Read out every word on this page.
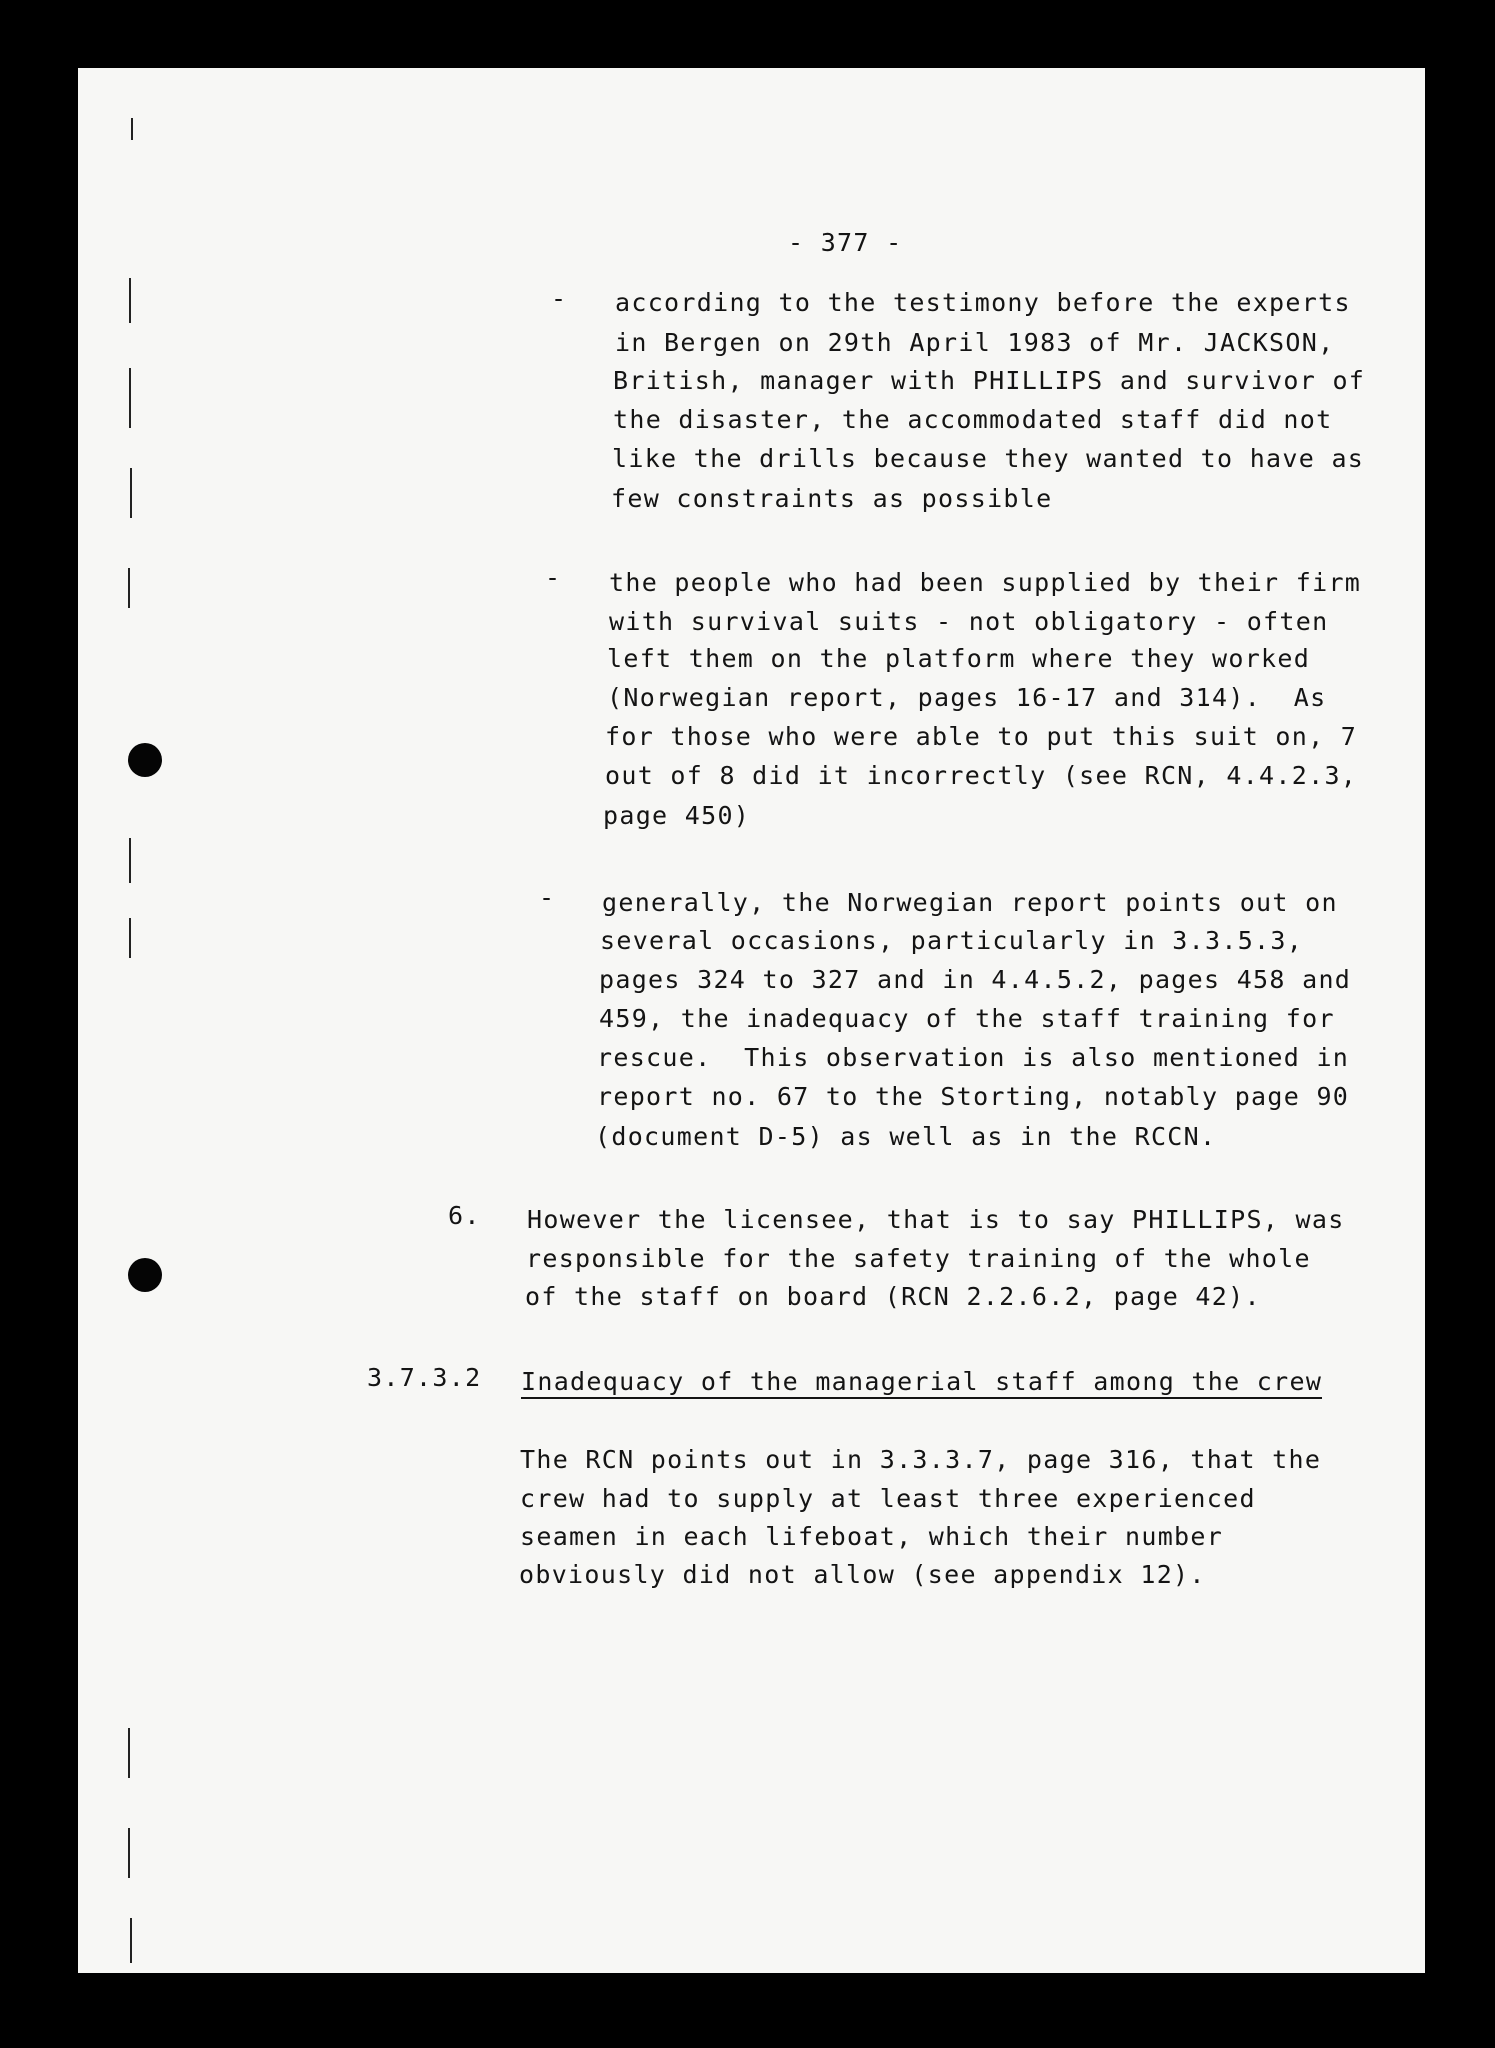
- 377 -
- according to the testimony before the experts
in Bergen on 29th April 1983 of Mr. JACKSON,
British, manager with PHILLIPS and survivor of
the disaster, the accommodated staff did not
like the drills because they wanted to have as
few constraints as possible
- the people who had been supplied by their firm
with survival suits - not obligatory - often
left them on the platform where they worked
(Norwegian report, pages 16-17 and 314).  As
for those who were able to put this suit on, 7
out of 8 did it incorrectly (see RCN, 4.4.2.3,
page 450)
- generally, the Norwegian report points out on
several occasions, particularly in 3.3.5.3,
pages 324 to 327 and in 4.4.5.2, pages 458 and
459, the inadequacy of the staff training for
rescue.  This observation is also mentioned in
report no. 67 to the Storting, notably page 90
(document D-5) as well as in the RCCN.
6. However the licensee, that is to say PHILLIPS, was
responsible for the safety training of the whole
of the staff on board (RCN 2.2.6.2, page 42).
3.7.3.2 Inadequacy of the managerial staff among the crew
The RCN points out in 3.3.3.7, page 316, that the
crew had to supply at least three experienced
seamen in each lifeboat, which their number
obviously did not allow (see appendix 12).
